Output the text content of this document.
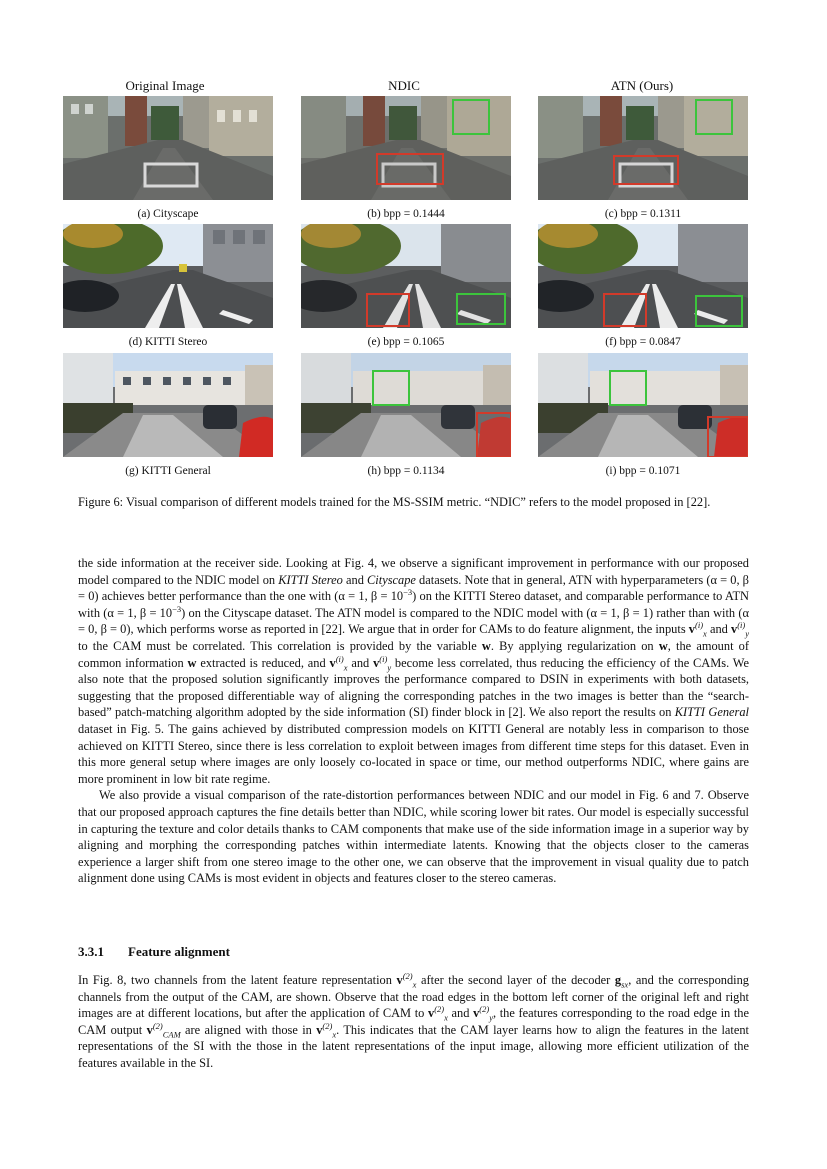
Original Image	NDIC	ATN (Ours)
(a) Cityscape	(b) bpp = 0.1444	(c) bpp = 0.1311
(d) KITTI Stereo	(e) bpp = 0.1065	(f) bpp = 0.0847
(g) KITTI General	(h) bpp = 0.1134	(i) bpp = 0.1071
Figure 6: Visual comparison of different models trained for the MS-SSIM metric. “NDIC” refers to the model proposed in [22].

the side information at the receiver side. Looking at Fig. 4, we observe a significant improvement in performance with our proposed model compared to the NDIC model on KITTI Stereo and Cityscape datasets. Note that in general, ATN with hyperparameters (α = 0, β = 0) achieves better performance than the one with (α = 1, $\beta = 10^{-3}$) on the KITTI Stereo dataset, and comparable performance to ATN with (α = 1, $\beta = 10^{-3}$) on the Cityscape dataset. The ATN model is compared to the NDIC model with (α = 1, β = 1) rather than with (α = 0, β = 0), which performs worse as reported in [22]. We argue that in order for CAMs to do feature alignment, the inputs $v^{(i)}_x$ and $v^{(i)}_y$ to the CAM must be correlated. This correlation is provided by the variable w. By applying regularization on w, the amount of common information w extracted is reduced, and $v^{(i)}_x$ and $v^{(i)}_y$ become less correlated, thus reducing the efficiency of the CAMs. We also note that the proposed solution significantly improves the performance compared to DSIN in experiments with both datasets, suggesting that the proposed differentiable way of aligning the corresponding patches in the two images is better than the “search-based” patch-matching algorithm adopted by the side information (SI) finder block in [2]. We also report the results on KITTI General dataset in Fig. 5. The gains achieved by distributed compression models on KITTI General are notably less in comparison to those achieved on KITTI Stereo, since there is less correlation to exploit between images from different time steps for this dataset. Even in this more general setup where images are only loosely co-located in space or time, our method outperforms NDIC, where gains are more prominent in low bit rate regime.

We also provide a visual comparison of the rate-distortion performances between NDIC and our model in Fig. 6 and 7. Observe that our proposed approach captures the fine details better than NDIC, while scoring lower bit rates. Our model is especially successful in capturing the texture and color details thanks to CAM components that make use of the side information image in a superior way by aligning and morphing the corresponding patches within intermediate latents. Knowing that the objects closer to the cameras experience a larger shift from one stereo image to the other one, we can observe that the improvement in visual quality due to patch alignment done using CAMs is most evident in objects and features closer to the stereo cameras.

3.3.1 Feature alignment

In Fig. 8, two channels from the latent feature representation $v^{(2)}_x$ after the second layer of the decoder $g_{sx}$, and the corresponding channels from the output of the CAM, are shown. Observe that the road edges in the bottom left corner of the original left and right images are at different locations, but after the application of CAM to $v^{(2)}_x$ and $v^{(2)}_y$, the features corresponding to the road edge in the CAM output $v^{(2)}_{CAM}$ are aligned with those in $v^{(2)}_x$. This indicates that the CAM layer learns how to align the features in the latent representations of the SI with the those in the latent representations of the input image, allowing more efficient utilization of the features available in the SI.
